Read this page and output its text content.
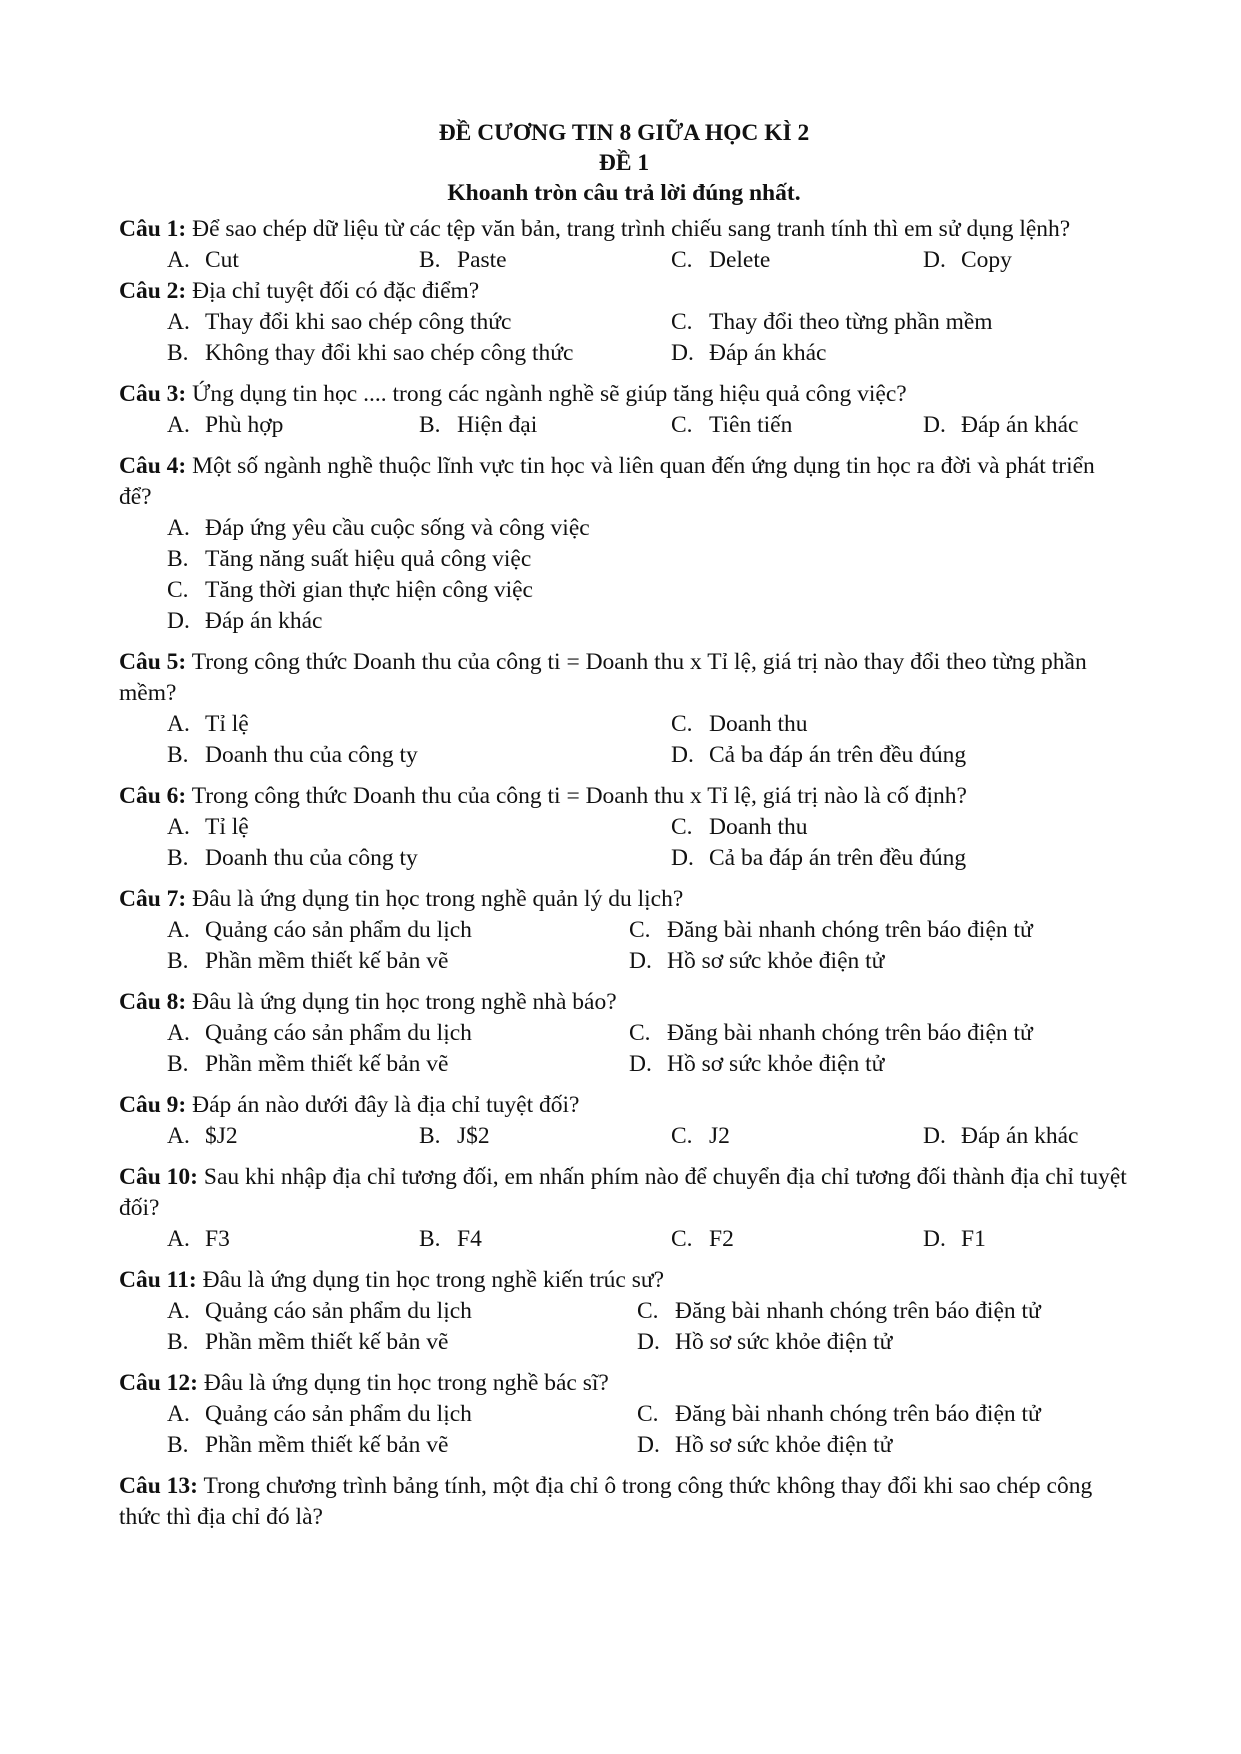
ĐỀ CƯƠNG TIN 8 GIỮA HỌC KÌ 2
ĐỀ 1
Khoanh tròn câu trả lời đúng nhất.

Câu 1: Để sao chép dữ liệu từ các tệp văn bản, trang trình chiếu sang tranh tính thì em sử dụng lệnh?

A. Cut	B. Paste	C. Delete	D. Copy

Câu 2: Địa chỉ tuyệt đối có đặc điểm?

A. Thay đổi khi sao chép công thức	C. Thay đổi theo từng phần mềm
B. Không thay đổi khi sao chép công thức	D. Đáp án khác

Câu 3: Ứng dụng tin học .... trong các ngành nghề sẽ giúp tăng hiệu quả công việc?

A. Phù hợp	B. Hiện đại	C. Tiên tiến	D. Đáp án khác

Câu 4: Một số ngành nghề thuộc lĩnh vực tin học và liên quan đến ứng dụng tin học ra đời và phát triển để?

A. Đáp ứng yêu cầu cuộc sống và công việc
B. Tăng năng suất hiệu quả công việc
C. Tăng thời gian thực hiện công việc
D. Đáp án khác

Câu 5: Trong công thức Doanh thu của công ti = Doanh thu x Tỉ lệ, giá trị nào thay đổi theo từng phần mềm?

A. Tỉ lệ	C. Doanh thu
B. Doanh thu của công ty	D. Cả ba đáp án trên đều đúng

Câu 6: Trong công thức Doanh thu của công ti = Doanh thu x Tỉ lệ, giá trị nào là cố định?

A. Tỉ lệ	C. Doanh thu
B. Doanh thu của công ty	D. Cả ba đáp án trên đều đúng

Câu 7: Đâu là ứng dụng tin học trong nghề quản lý du lịch?

A. Quảng cáo sản phẩm du lịch	C. Đăng bài nhanh chóng trên báo điện tử
B. Phần mềm thiết kế bản vẽ	D. Hồ sơ sức khỏe điện tử

Câu 8: Đâu là ứng dụng tin học trong nghề nhà báo?

A. Quảng cáo sản phẩm du lịch	C. Đăng bài nhanh chóng trên báo điện tử
B. Phần mềm thiết kế bản vẽ	D. Hồ sơ sức khỏe điện tử

Câu 9: Đáp án nào dưới đây là địa chỉ tuyệt đối?

A. $J2	B. J$2	C. J2	D. Đáp án khác

Câu 10: Sau khi nhập địa chỉ tương đối, em nhấn phím nào để chuyển địa chỉ tương đối thành địa chỉ tuyệt đối?

A. F3	B. F4	C. F2	D. F1

Câu 11: Đâu là ứng dụng tin học trong nghề kiến trúc sư?

A. Quảng cáo sản phẩm du lịch	C. Đăng bài nhanh chóng trên báo điện tử
B. Phần mềm thiết kế bản vẽ	D. Hồ sơ sức khỏe điện tử

Câu 12: Đâu là ứng dụng tin học trong nghề bác sĩ?

A. Quảng cáo sản phẩm du lịch	C. Đăng bài nhanh chóng trên báo điện tử
B. Phần mềm thiết kế bản vẽ	D. Hồ sơ sức khỏe điện tử

Câu 13: Trong chương trình bảng tính, một địa chỉ ô trong công thức không thay đổi khi sao chép công thức thì địa chỉ đó là?
